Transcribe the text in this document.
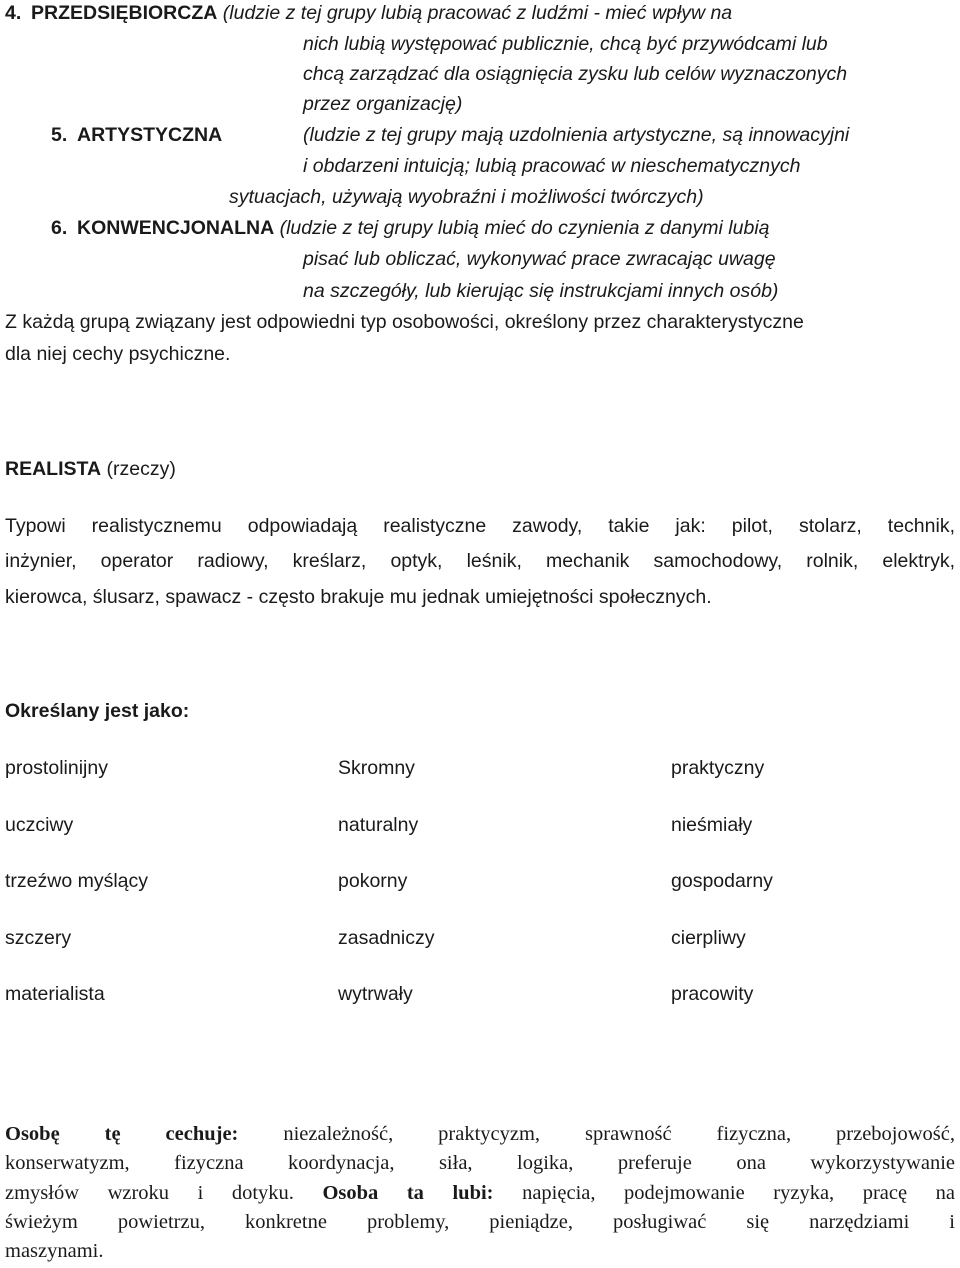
4. PRZEDSIĘBIORCZA (ludzie z tej grupy lubią pracować z ludźmi - mieć wpływ na
nich lubią występować publicznie, chcą być przywódcami lub
chcą zarządzać dla osiągnięcia zysku lub celów wyznaczonych
przez organizację)
5. ARTYSTYCZNA	(ludzie z tej grupy mają uzdolnienia artystyczne, są innowacyjni
i obdarzeni intuicją; lubią pracować w nieschematycznych
sytuacjach, używają wyobraźni i możliwości twórczych)
6. KONWENCJONALNA (ludzie z tej grupy lubią mieć do czynienia z danymi lubią
pisać lub obliczać, wykonywać prace zwracając uwagę
na szczegóły, lub kierując się instrukcjami innych osób)
Z każdą grupą związany jest odpowiedni typ osobowości, określony przez charakterystyczne
dla niej cechy psychiczne.
REALISTA (rzeczy)
Typowi realistycznemu odpowiadają realistyczne zawody, takie jak: pilot, stolarz, technik,
inżynier, operator radiowy, kreślarz, optyk, leśnik, mechanik samochodowy, rolnik, elektryk,
kierowca, ślusarz, spawacz - często brakuje mu jednak umiejętności społecznych.
Określany jest jako:
prostolinijny	Skromny	praktyczny
uczciwy	naturalny	nieśmiały
trzeźwo myślący	pokorny	gospodarny
szczery	zasadniczy	cierpliwy
materialista	wytrwały	pracowity
Osobę tę cechuje: niezależność, praktycyzm, sprawność fizyczna, przebojowość,
konserwatyzm, fizyczna koordynacja, siła, logika, preferuje ona wykorzystywanie
zmysłów wzroku i dotyku. Osoba ta lubi: napięcia, podejmowanie ryzyka, pracę na
świeżym powietrzu, konkretne problemy, pieniądze, posługiwać się narzędziami i
maszynami.
